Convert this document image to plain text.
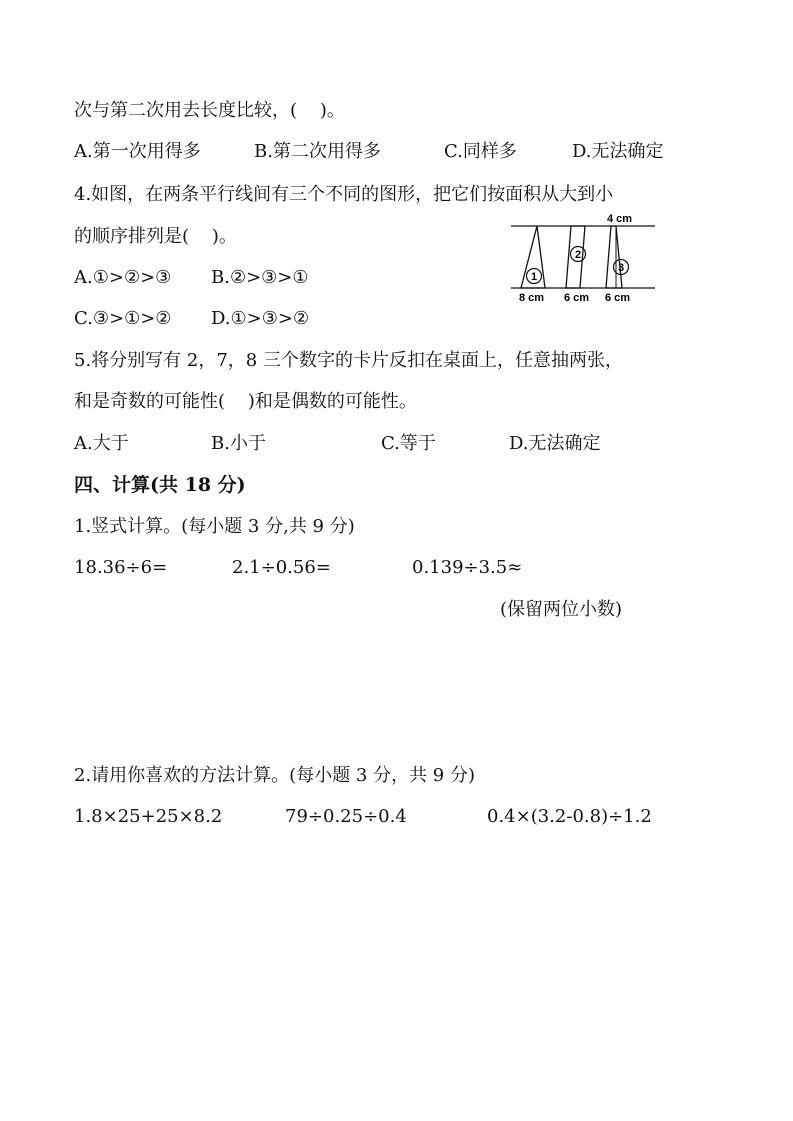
次与第二次用去长度比较，(    )。
A.第一次用得多	B.第二次用得多	C.同样多	D.无法确定
4.如图，在两条平行线间有三个不同的图形，把它们按面积从大到小
的顺序排列是(    )。
A.①>②>③ B.②>③>①
C.③>①>② D.①>③>②
4 cm
1
2
3
8 cm 6 cm 6 cm
5.将分别写有 2，7，8 三个数字的卡片反扣在桌面上，任意抽两张，
和是奇数的可能性(    )和是偶数的可能性。
A.大于	B.小于	C.等于	D.无法确定
四、计算(共 18 分)
1.竖式计算。(每小题 3 分,共 9 分)
18.36÷6=	2.1÷0.56=	0.139÷3.5≈
(保留两位小数)
2.请用你喜欢的方法计算。(每小题 3 分，共 9 分)
1.8×25+25×8.2	79÷0.25÷0.4	0.4×(3.2-0.8)÷1.2
